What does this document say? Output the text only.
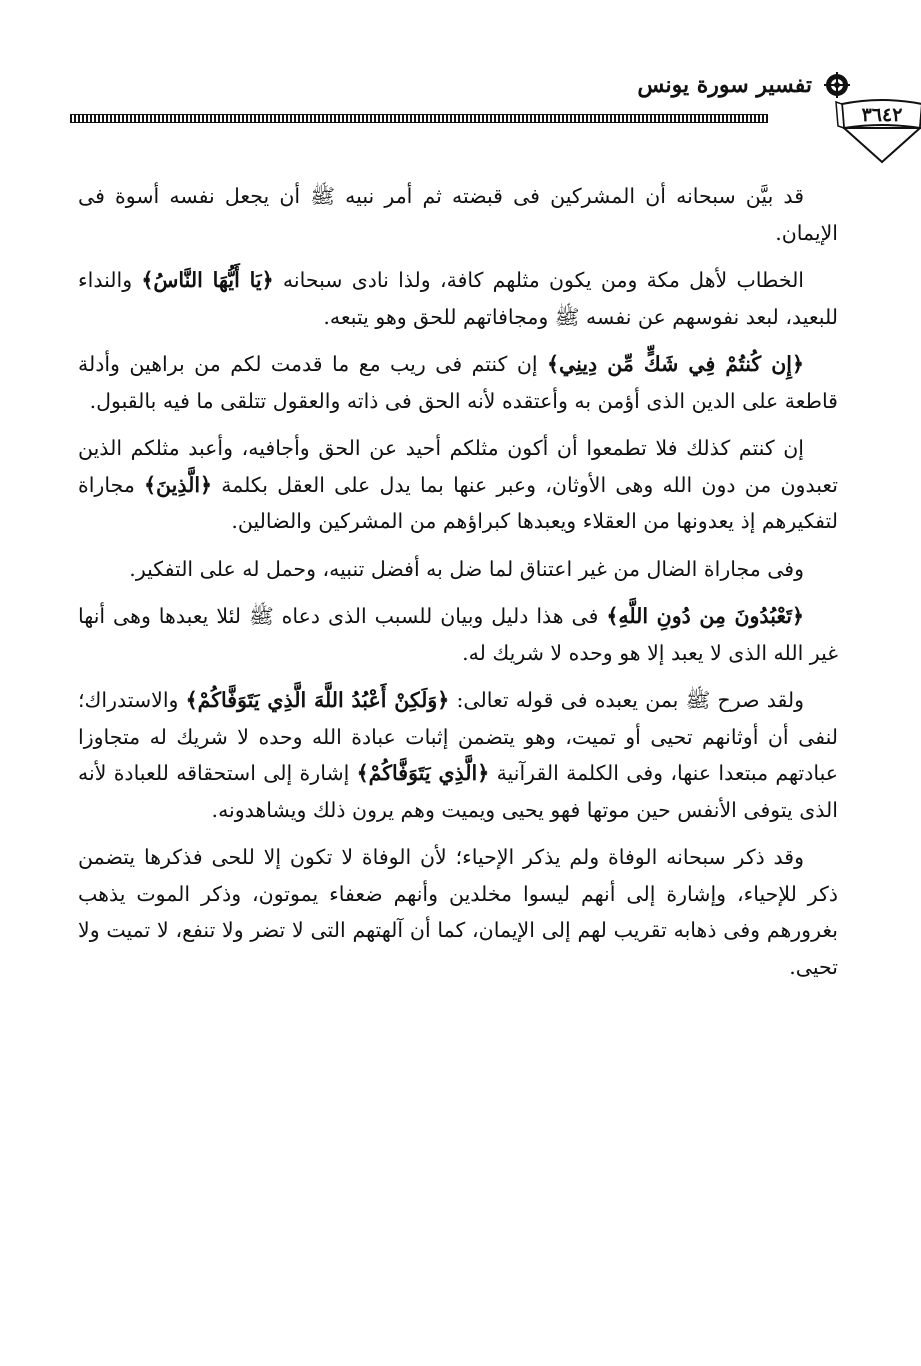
تفسير سورة يونس
٣٦٤٢

قد بيَّن سبحانه أن المشركين فى قبضته ثم أمر نبيه ﷺ أن يجعل نفسه أسوة فى الإيمان.

الخطاب لأهل مكة ومن يكون مثلهم كافة، ولذا نادى سبحانه ﴿يَا أَيُّهَا النَّاسُ﴾ والنداء للبعيد، لبعد نفوسهم عن نفسه ﷺ ومجافاتهم للحق وهو يتبعه.

﴿إِن كُنتُمْ فِي شَكٍّ مِّن دِينِي﴾ إن كنتم فى ريب مع ما قدمت لكم من براهين وأدلة قاطعة على الدين الذى أؤمن به وأعتقده لأنه الحق فى ذاته والعقول تتلقى ما فيه بالقبول.

إن كنتم كذلك فلا تطمعوا أن أكون مثلكم أحيد عن الحق وأجافيه، وأعبد مثلكم الذين تعبدون من دون الله وهى الأوثان، وعبر عنها بما يدل على العقل بكلمة ﴿الَّذِينَ﴾ مجاراة لتفكيرهم إذ يعدونها من العقلاء ويعبدها كبراؤهم من المشركين والضالين.

وفى مجاراة الضال من غير اعتناق لما ضل به أفضل تنبيه، وحمل له على التفكير.

﴿تَعْبُدُونَ مِن دُونِ اللَّهِ﴾ فى هذا دليل وبيان للسبب الذى دعاه ﷺ لئلا يعبدها وهى أنها غير الله الذى لا يعبد إلا هو وحده لا شريك له.

ولقد صرح ﷺ بمن يعبده فى قوله تعالى: ﴿وَلَكِنْ أَعْبُدُ اللَّهَ الَّذِي يَتَوَفَّاكُمْ﴾ والاستدراك؛ لنفى أن أوثانهم تحيى أو تميت، وهو يتضمن إثبات عبادة الله وحده لا شريك له متجاوزا عبادتهم مبتعدا عنها، وفى الكلمة القرآنية ﴿الَّذِي يَتَوَفَّاكُمْ﴾ إشارة إلى استحقاقه للعبادة لأنه الذى يتوفى الأنفس حين موتها فهو يحيى ويميت وهم يرون ذلك ويشاهدونه.

وقد ذكر سبحانه الوفاة ولم يذكر الإحياء؛ لأن الوفاة لا تكون إلا للحى فذكرها يتضمن ذكر للإحياء، وإشارة إلى أنهم ليسوا مخلدين وأنهم ضعفاء يموتون، وذكر الموت يذهب بغرورهم وفى ذهابه تقريب لهم إلى الإيمان، كما أن آلهتهم التى لا تضر ولا تنفع، لا تميت ولا تحيى.
